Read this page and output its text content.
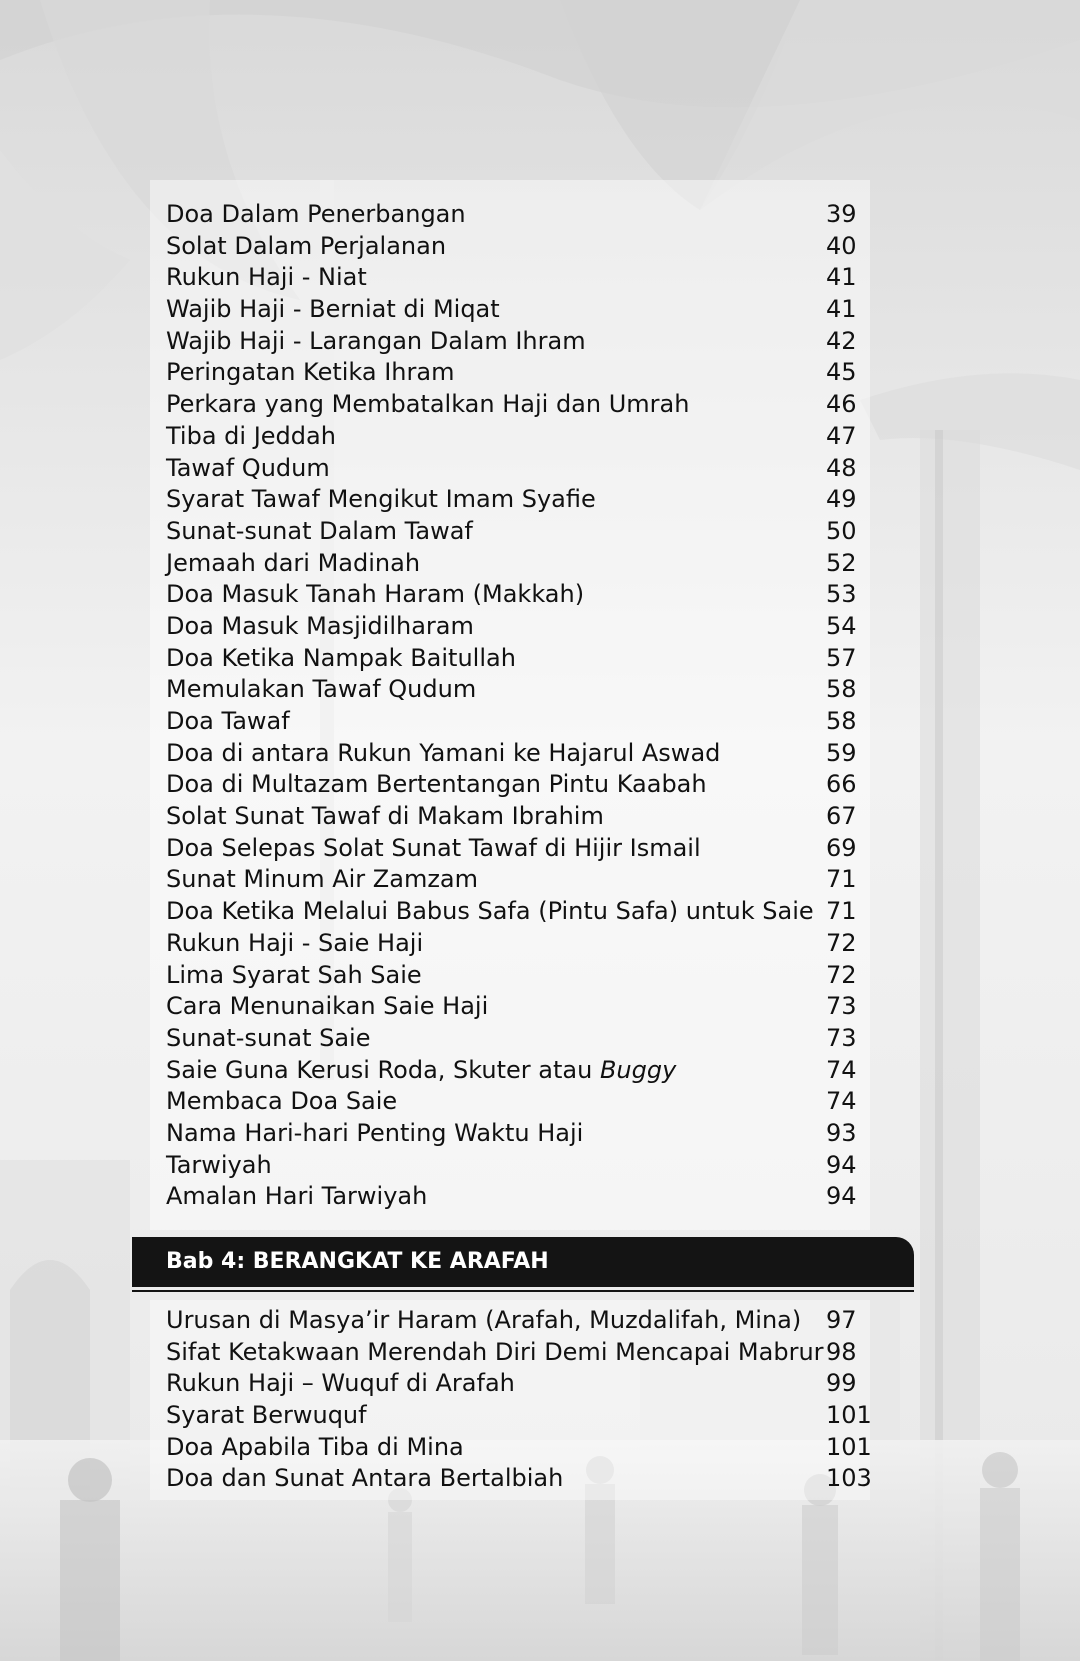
Doa Dalam Penerbangan	39
Solat Dalam Perjalanan	40
Rukun Haji - Niat	41
Wajib Haji - Berniat di Miqat	41
Wajib Haji - Larangan Dalam Ihram	42
Peringatan Ketika Ihram	45
Perkara yang Membatalkan Haji dan Umrah	46
Tiba di Jeddah	47
Tawaf Qudum	48
Syarat Tawaf Mengikut Imam Syafie	49
Sunat-sunat Dalam Tawaf	50
Jemaah dari Madinah	52
Doa Masuk Tanah Haram (Makkah)	53
Doa Masuk Masjidilharam	54
Doa Ketika Nampak Baitullah	57
Memulakan Tawaf Qudum	58
Doa Tawaf	58
Doa di antara Rukun Yamani ke Hajarul Aswad	59
Doa di Multazam Bertentangan Pintu Kaabah	66
Solat Sunat Tawaf di Makam Ibrahim	67
Doa Selepas Solat Sunat Tawaf di Hijir Ismail	69
Sunat Minum Air Zamzam	71
Doa Ketika Melalui Babus Safa (Pintu Safa) untuk Saie 71
Rukun Haji - Saie Haji	72
Lima Syarat Sah Saie	72
Cara Menunaikan Saie Haji	73
Sunat-sunat Saie	73
Saie Guna Kerusi Roda, Skuter atau Buggy	74
Membaca Doa Saie	74
Nama Hari-hari Penting Waktu Haji	93
Tarwiyah	94
Amalan Hari Tarwiyah	94
Bab 4: BERANGKAT KE ARAFAH
Urusan di Masya’ir Haram (Arafah, Muzdalifah, Mina) 97
Sifat Ketakwaan Merendah Diri Demi Mencapai Mabrur 98
Rukun Haji – Wuquf di Arafah	99
Syarat Berwuquf	101
Doa Apabila Tiba di Mina	101
Doa dan Sunat Antara Bertalbiah	103
